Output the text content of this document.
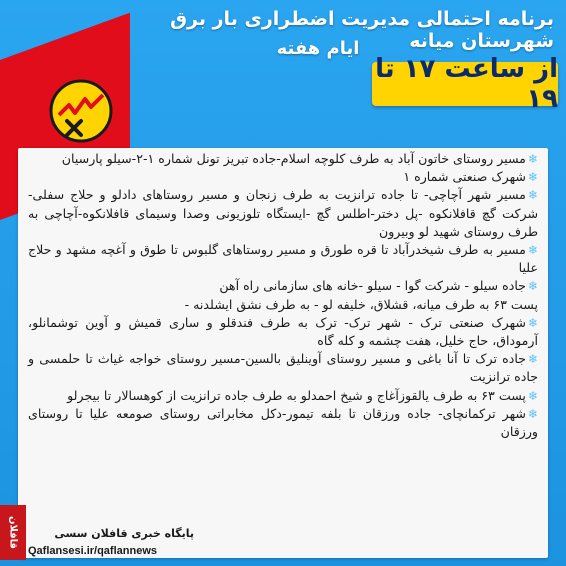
برنامه احتمالی مدیریت اضطراری بار برق شهرستان میانه
ایام هفته
از ساعت ۱۷ تا ۱۹

❄مسیر روستای خاتون آباد به طرف کلوچه اسلام-جاده تبریز تونل شماره ۱-۲-سیلو پارسیان

❄شهرک صنعتی شماره ۱

❄مسیر شهر آچاچی- تا جاده ترانزیت به طرف زنجان و مسیر روستاهای دادلو و حلاج سفلی-شرکت گچ قافلانکوه -پل دختر-اطلس گچ -ایستگاه تلوزیونی وصدا وسیمای قافلانکوه-آچاچی به طرف روستای شهید لو وبیرون

❄مسیر به طرف شیخدرآباد تا قره طورق و مسیر روستاهای گلبوس تا طوق و آغچه مشهد و حلاج علیا

❄جاده سیلو - شرکت گوا - سیلو -خانه های سازمانی راه آهن

پست ۶۳ به طرف میانه، قشلاق، خلیفه لو - به طرف نشق ایشلدنه -

❄شهرک صنعتی ترک - شهر ترک- ترک به طرف فندقلو و ساری قمیش و آوین توشمانلو، آرموداق، حاج خلیل، هفت چشمه و کله گاه

❄جاده ترک تا آنا باغی و مسیر روستای آوینلیق بالسین-مسیر روستای خواجه غیاث تا حلمسی و جاده ترانزیت

❄پست ۶۳ به طرف یالقوزآغاج و شیخ احمدلو به طرف جاده ترانزیت از کوهسالار تا بیجرلو

❄شهر ترکمانچای- جاده ورزقان تا بلفه تیمور-دکل مخابراتی روستای صومعه علیا تا روستای ورزقان

قافلان	پایگاه خبری قافلان سسی
Qaflansesi.ir/qaflannews
